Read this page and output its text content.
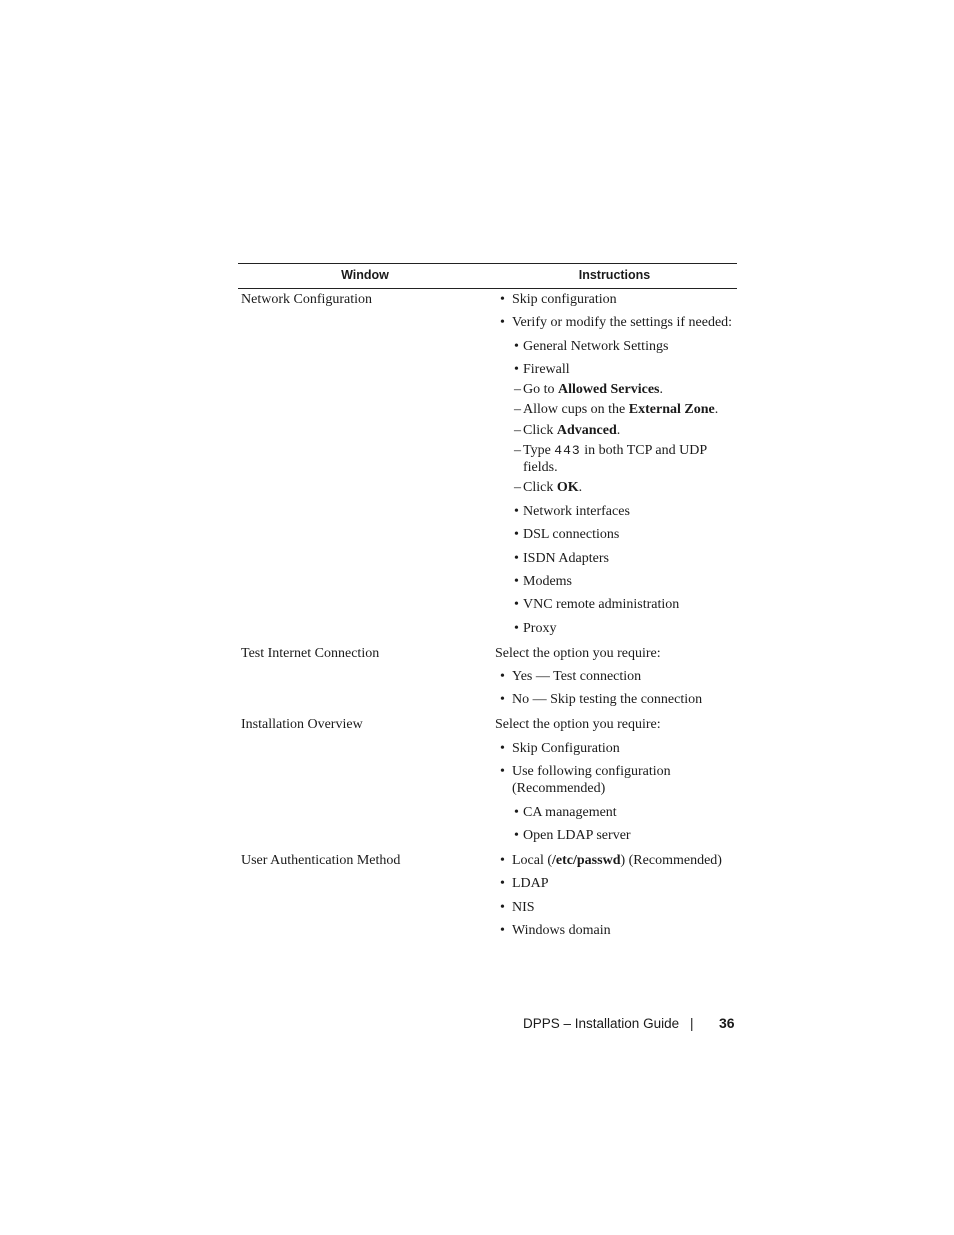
Window	Instructions
Network Configuration	• Skip configuration
• Verify or modify the settings if needed:
• General Network Settings
• Firewall
– Go to Allowed Services.
– Allow cups on the External Zone.
– Click Advanced.
– Type 443 in both TCP and UDP
fields.
– Click OK.
• Network interfaces
• DSL connections
• ISDN Adapters
• Modems
• VNC remote administration
• Proxy
Test Internet Connection	Select the option you require:
• Yes — Test connection
• No — Skip testing the connection
Installation Overview	Select the option you require:
• Skip Configuration
• Use following configuration
(Recommended)
• CA management
• Open LDAP server
User Authentication Method	• Local (/etc/passwd) (Recommended)
• LDAP
• NIS
• Windows domain
DPPS – Installation Guide | 36
